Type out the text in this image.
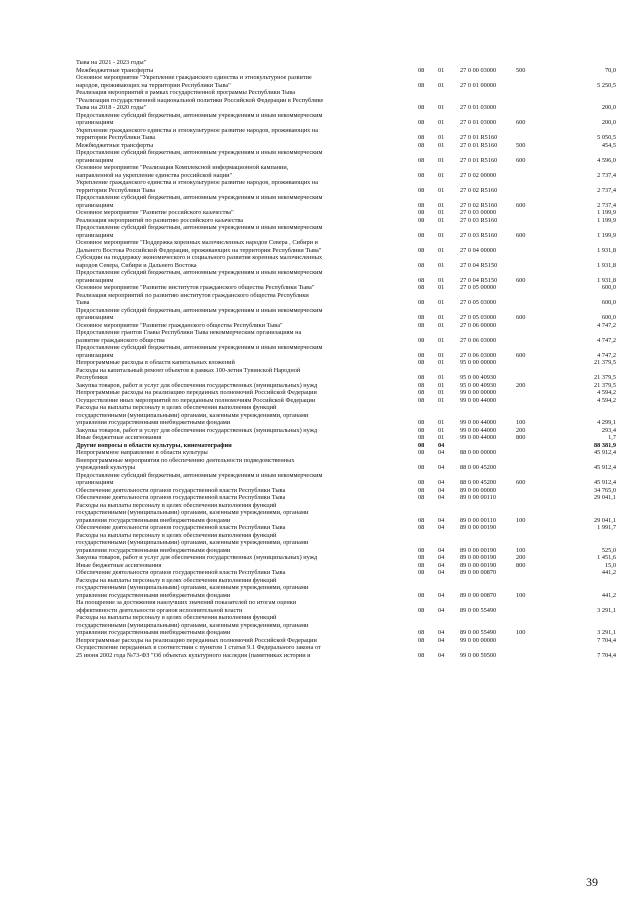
Тыва на 2021 - 2023 годы"
Межбюджетные трансферты	08	01	27 0 00 03000	500	70,0
Основное мероприятие "Укрепление гражданского единства и этнокультурное развитие
народов, проживающих на территории Республики Тыва"	08	01	27 0 01 00000	5 250,5
Реализация мероприятий в рамках государственной программы Республики Тыва
"Реализация государственной национальной политики Российской Федерации в Республике
Тыва на 2018 - 2020 годы"	08	01	27 0 01 03000	200,0
Предоставление субсидий бюджетным, автономным учреждениям и иным некоммерческим
организациям	08	01	27 0 01 03000	600	200,0
Укрепление гражданского единства и этнокультурное развитие народов, проживающих на
территории Республики Тыва	08	01	27 0 01 R5160	5 050,5
Межбюджетные трансферты	08	01	27 0 01 R5160	500	454,5
Предоставление субсидий бюджетным, автономным учреждениям и иным некоммерческим
организациям	08	01	27 0 01 R5160	600	4 596,0
Основное мероприятие "Реализация Комплексной информационной кампании,
направленной на укрепление единства российской нации"	08	01	27 0 02 00000	2 737,4
Укрепление гражданского единства и этнокультурное развитие народов, проживающих на
территории Республики Тыва	08	01	27 0 02 R5160	2 737,4
Предоставление субсидий бюджетным, автономным учреждениям и иным некоммерческим
организациям	08	01	27 0 02 R5160	600	2 737,4
Основное мероприятие "Развитие российского казачества"	08	01	27 0 03 00000	1 199,9
Реализация мероприятий по развитию российского казачества	08	01	27 0 03 R5160	1 199,9
Предоставление субсидий бюджетным, автономным учреждениям и иным некоммерческим
организациям	08	01	27 0 03 R5160	600	1 199,9
Основное мероприятие "Поддержка коренных малочисленных народов Севера , Сибири и
Дальнего Востока Российской Федерации, проживающих на территории Республики Тыва"	08	01	27 0 04 00000	1 931,8
Субсидии на поддержку экономического и социального развития коренных малочисленных
народов Севера, Сибири и Дальнего Востока	08	01	27 0 04 R5150	1 931,8
Предоставление субсидий бюджетным, автономным учреждениям и иным некоммерческим
организациям	08	01	27 0 04 R5150	600	1 931,8
Основное мероприятие "Развитие институтов гражданского общества Республики Тыва"	08	01	27 0 05 00000	600,0
Реализация мероприятий по развитию институтов гражданского общества Республики
Тыва	08	01	27 0 05 03000	600,0
Предоставление субсидий бюджетным, автономным учреждениям и иным некоммерческим
организациям	08	01	27 0 05 03000	600	600,0
Основное мероприятие "Развитие гражданского общества Республики Тыва"	08	01	27 0 06 00000	4 747,2
Предоставление грантов Главы Республики Тыва некоммерческим организациям на
развитие гражданского общества	08	01	27 0 06 03000	4 747,2
Предоставление субсидий бюджетным, автономным учреждениям и иным некоммерческим
организациям	08	01	27 0 06 03000	600	4 747,2
Непрограммные расходы в области капитальных вложений	08	01	95 0 00 00000	21 379,5
Расходы на капитальный ремонт объектов в рамках 100-летия Тувинской Народной
Республики	08	01	95 0 00 40930	21 379,5
Закупка товаров, работ и услуг для обеспечения государственных (муниципальных) нужд	08	01	95 0 00 40930	200	21 379,5
Непрограммные расходы на реализацию переданных полномочий Российской Федерации	08	01	99 0 00 00000	4 594,2
Осуществление иных мероприятий по переданным полномочиям Российской Федерации	08	01	99 0 00 44000	4 594,2
Расходы на выплаты персоналу в целях обеспечения выполнения функций
государственными (муниципальными) органами, казенными учреждениями, органами
управления государственными внебюджетными фондами	08	01	99 0 00 44000	100	4 299,1
Закупка товаров, работ и услуг для обеспечения государственных (муниципальных) нужд	08	01	99 0 00 44000	200	293,4
Иные бюджетные ассигнования	08	01	99 0 00 44000	800	1,7
Другие вопросы в области культуры, кинематографии	08	04	88 381,9
Непрограммное направление в области культуры	08	04	88 0 00 00000	45 912,4
Внепрограммные мероприятия по обеспечению деятельности подведомственных
учреждений культуры	08	04	88 0 00 45200	45 912,4
Предоставление субсидий бюджетным, автономным учреждениям и иным некоммерческим
организациям	08	04	88 0 00 45200	600	45 912,4
Обеспечение деятельности органов государственной власти Республики Тыва	08	04	89 0 00 00000	34 765,0
Обеспечение деятельности органов государственной власти Республики Тыва	08	04	89 0 00 00110	29 041,1
Расходы на выплаты персоналу в целях обеспечения выполнения функций
государственными (муниципальными) органами, казенными учреждениями, органами
управления государственными внебюджетными фондами	08	04	89 0 00 00110	100	29 041,1
Обеспечение деятельности органов государственной власти Республики Тыва	08	04	89 0 00 00190	1 991,7
Расходы на выплаты персоналу в целях обеспечения выполнения функций
государственными (муниципальными) органами, казенными учреждениями, органами
управления государственными внебюджетными фондами	08	04	89 0 00 00190	100	525,0
Закупка товаров, работ и услуг для обеспечения государственных (муниципальных) нужд	08	04	89 0 00 00190	200	1 451,6
Иные бюджетные ассигнования	08	04	89 0 00 00190	800	15,0
Обеспечение деятельности органов государственной власти Республики Тыва	08	04	89 0 00 00870	441,2
Расходы на выплаты персоналу в целях обеспечения выполнения функций
государственными (муниципальными) органами, казенными учреждениями, органами
управления государственными внебюджетными фондами	08	04	89 0 00 00870	100	441,2
На поощрение за достижения наилучших значений показателей по итогам оценки
эффективности деятельности органов исполнительной власти	08	04	89 0 00 55490	3 291,1
Расходы на выплаты персоналу в целях обеспечения выполнения функций
государственными (муниципальными) органами, казенными учреждениями, органами
управления государственными внебюджетными фондами	08	04	89 0 00 55490	100	3 291,1
Непрограммные расходы на реализацию переданных полномочий Российской Федерации	08	04	99 0 00 00000	7 704,4
Осуществление переданных в соответствии с пунктом 1 статьи 9.1 Федерального закона от
25 июня 2002 года №73-ФЗ "Об объектах культурного наследия (памятниках истории и	08	04	99 0 00 59500	7 704,4
39
